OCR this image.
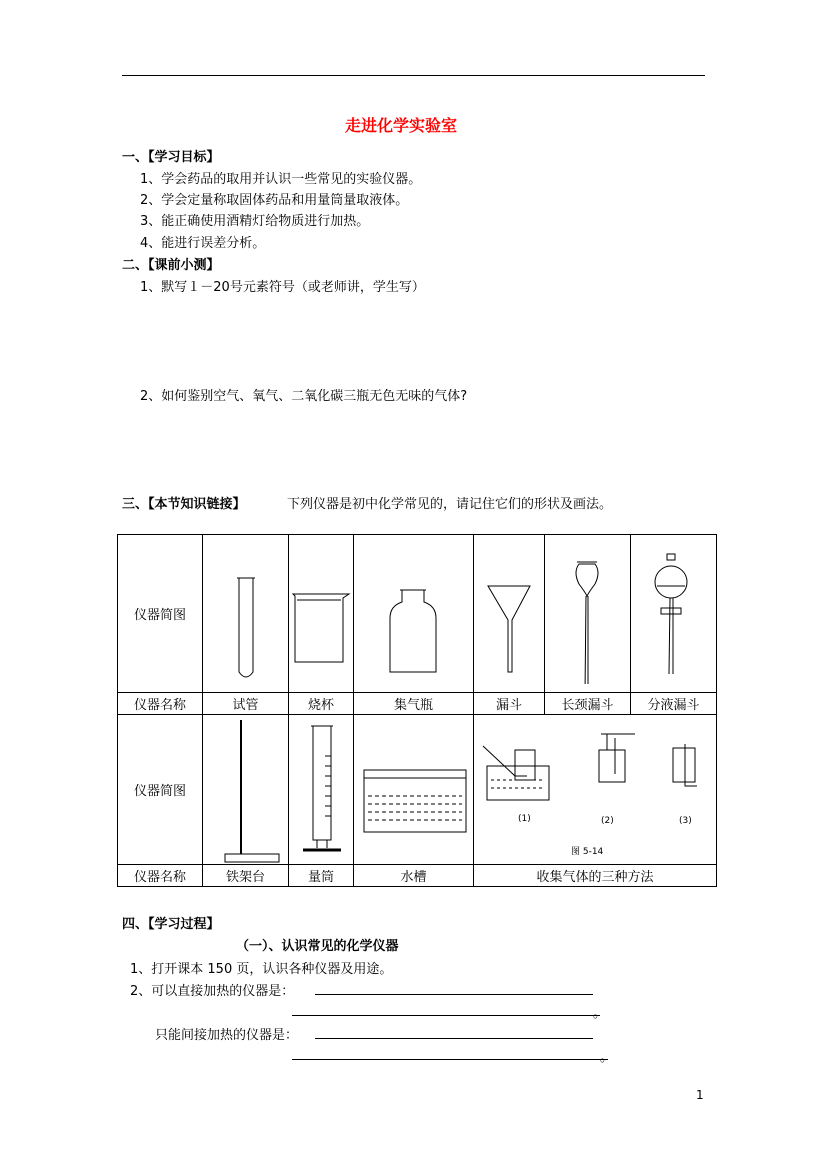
走进化学实验室
一、【学习目标】
1、学会药品的取用并认识一些常见的实验仪器。
2、学会定量称取固体药品和用量筒量取液体。
3、能正确使用酒精灯给物质进行加热。
4、能进行误差分析。
二、【课前小测】
1、默写１－20号元素符号（或老师讲，学生写）
2、如何鉴别空气、氧气、二氧化碳三瓶无色无味的气体?
三、【本节知识链接】	下列仪器是初中化学常见的，请记住它们的形状及画法。
仪器简图	

仪器名称	试管	烧杯	集气瓶	漏斗	长颈漏斗	分液漏斗
仪器简图				(1) (2) (3)
图 5-14		

仪器名称	铁架台	量筒	水槽	收集气体的三种方法		
四、【学习过程】
（一）、认识常见的化学仪器
1、打开课本 150 页，认识各种仪器及用途。
2、可以直接加热的仪器是：
。
只能间接加热的仪器是：
。
1
